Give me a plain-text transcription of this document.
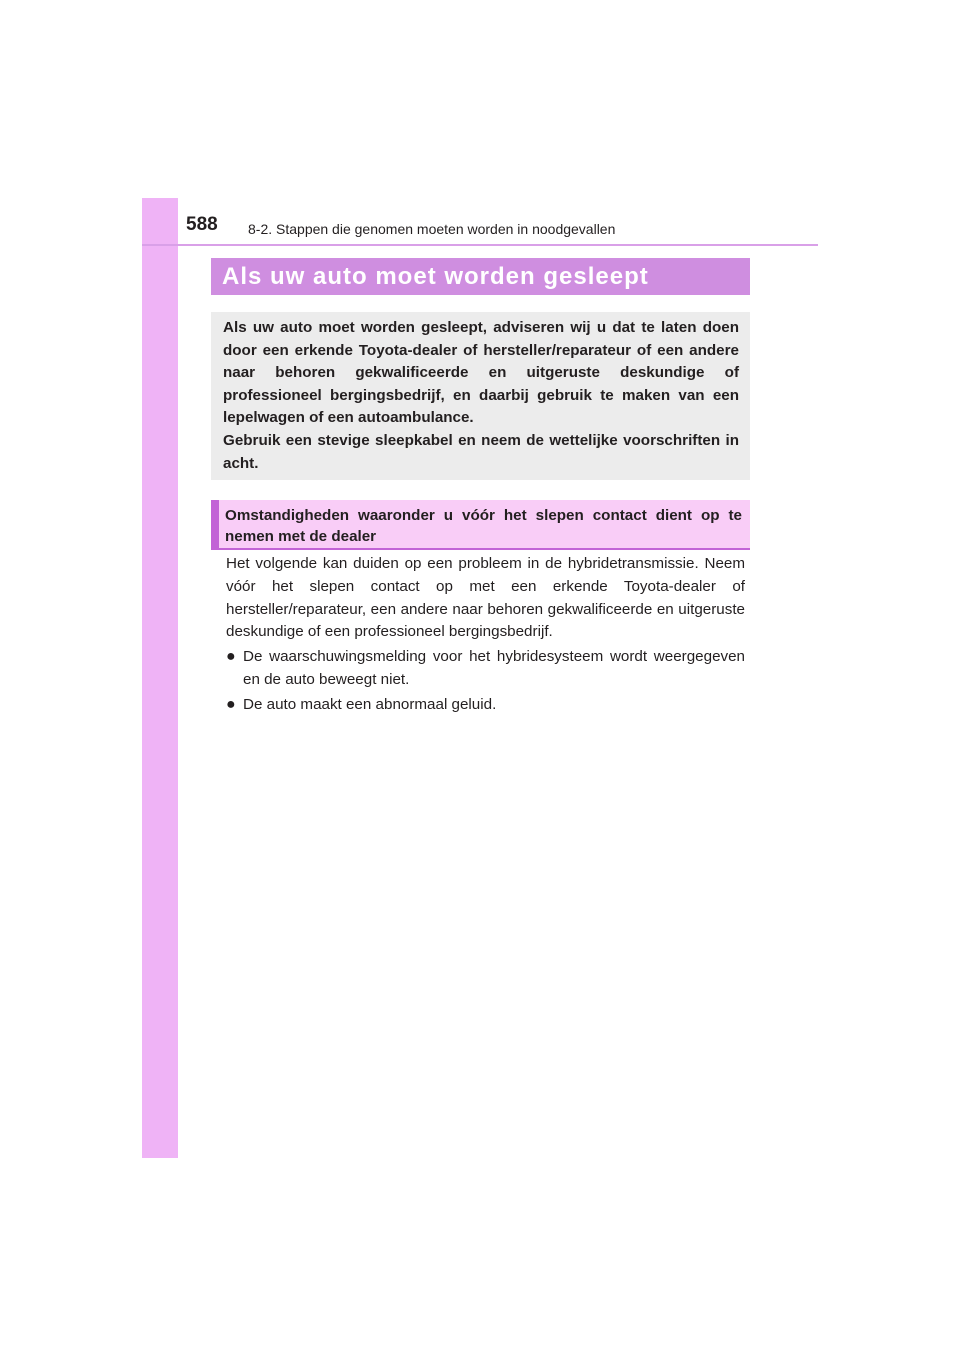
588 8-2. Stappen die genomen moeten worden in noodgevallen
Als uw auto moet worden gesleept

Als uw auto moet worden gesleept, adviseren wij u dat te laten doen door een erkende Toyota-dealer of hersteller/reparateur of een andere naar behoren gekwalificeerde en uitgeruste deskundige of professioneel bergingsbedrijf, en daarbij gebruik te maken van een lepelwagen of een autoambulance.

Gebruik een stevige sleepkabel en neem de wettelijke voorschriften in acht.

Omstandigheden waaronder u vóór het slepen contact dient op te nemen met de dealer

Het volgende kan duiden op een probleem in de hybridetransmissie. Neem vóór het slepen contact op met een erkende Toyota-dealer of hersteller/reparateur, een andere naar behoren gekwalificeerde en uitgeruste deskundige of een professioneel bergingsbedrijf.

● De waarschuwingsmelding voor het hybridesysteem wordt weergegeven en de auto beweegt niet.
● De auto maakt een abnormaal geluid.
